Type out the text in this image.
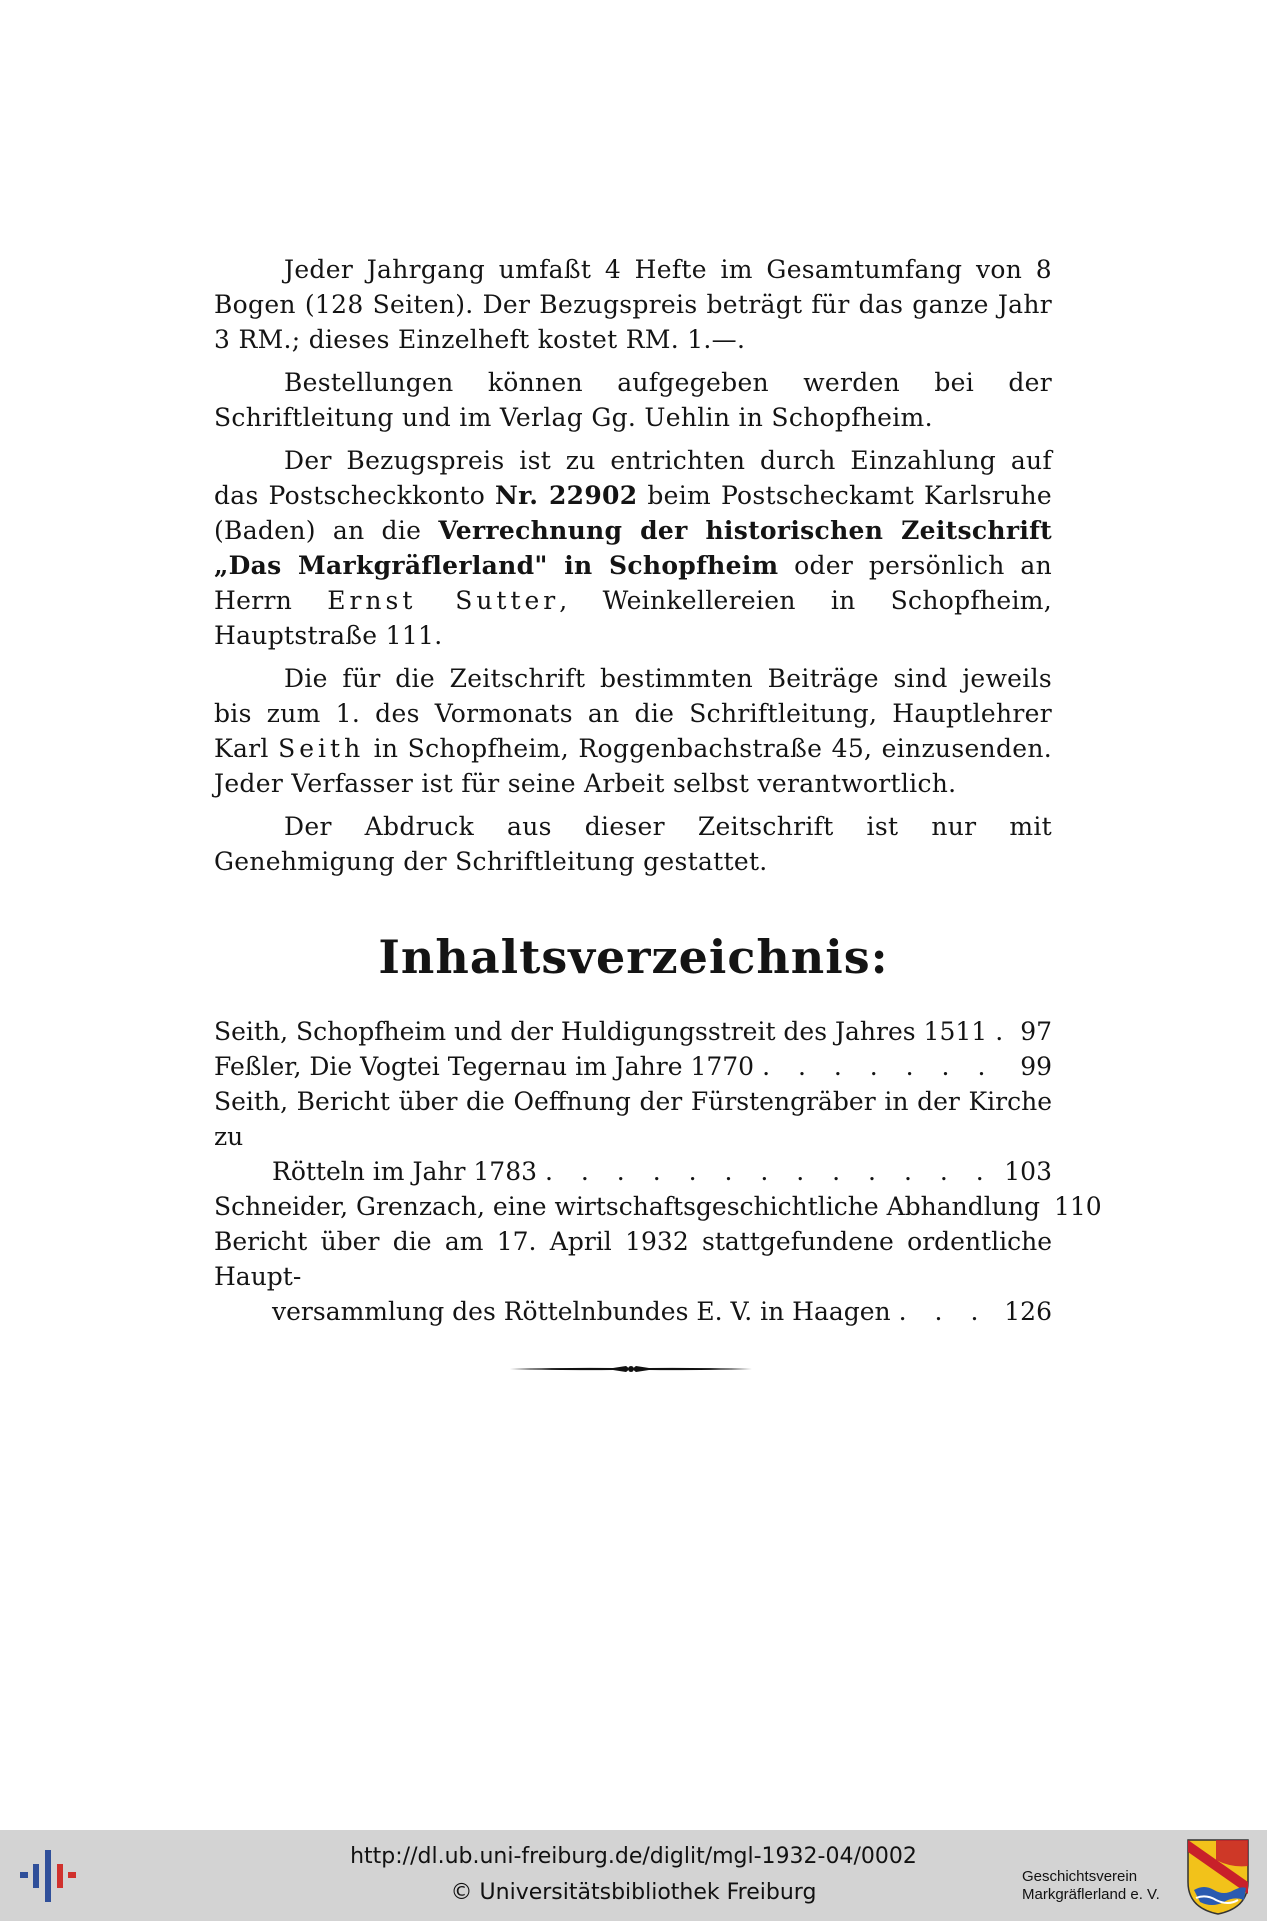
Jeder Jahrgang umfaßt 4 Hefte im Gesamtumfang von 8 Bogen (128 Seiten). Der Bezugspreis beträgt für das ganze Jahr 3 RM.; dieses Einzelheft kostet RM. 1.—.

Bestellungen können aufgegeben werden bei der Schriftleitung und im Verlag Gg. Uehlin in Schopfheim.

Der Bezugspreis ist zu entrichten durch Einzahlung auf das Postscheckkonto Nr. 22902 beim Postscheckamt Karlsruhe (Baden) an die Verrechnung der historischen Zeitschrift „Das Markgräflerland" in Schopfheim oder persönlich an Herrn Ernst Sutter, Weinkellereien in Schopfheim, Hauptstraße 111.

Die für die Zeitschrift bestimmten Beiträge sind jeweils bis zum 1. des Vormonats an die Schriftleitung, Hauptlehrer Karl Seith in Schopfheim, Roggenbachstraße 45, einzusenden. Jeder Verfasser ist für seine Arbeit selbst verantwortlich.

Der Abdruck aus dieser Zeitschrift ist nur mit Genehmigung der Schriftleitung gestattet.

Inhaltsverzeichnis:
Seith, Schopfheim und der Huldigungsstreit des Jahres 1511 . . .	97
Feßler, Die Vogtei Tegernau im Jahre 1770 . . .	99
Seith, Bericht über die Oeffnung der Fürstengräber in der Kirche zu
Rötteln im Jahr 1783 . . .	103
Schneider, Grenzach, eine wirtschaftsgeschichtliche Abhandlung . . . 110
Bericht über die am 17. April 1932 stattgefundene ordentliche Haupt-
versammlung des Röttelnbundes E. V. in Haagen . . .	126
http://dl.ub.uni-freiburg.de/diglit/mgl-1932-04/0002
© Universitätsbibliothek Freiburg
Geschichtsverein
Markgräflerland e. V.
